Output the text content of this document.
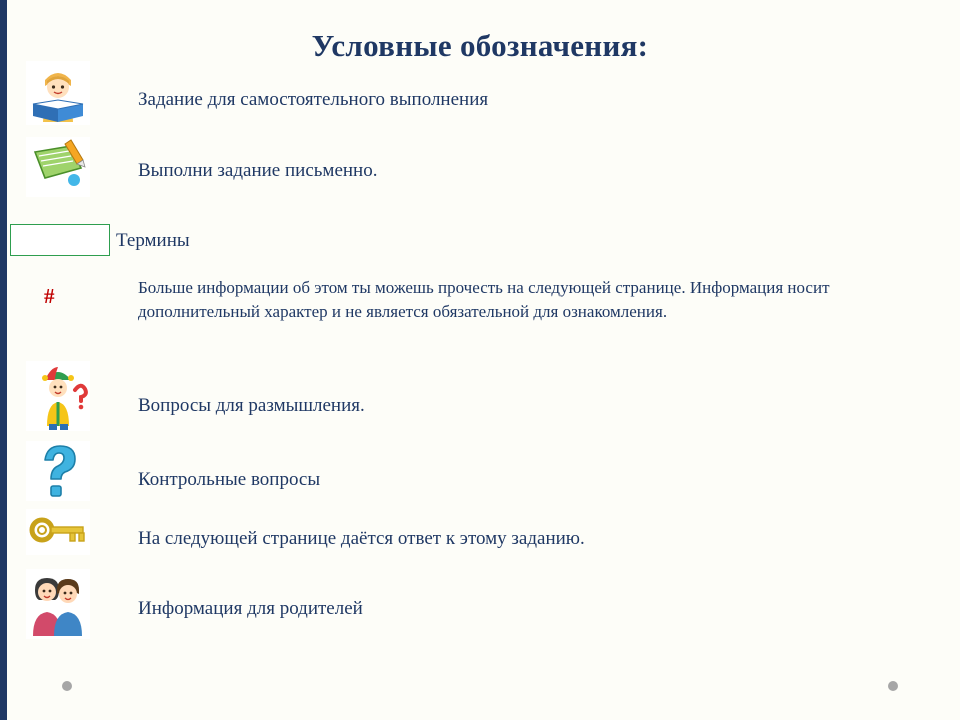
Условные обозначения:
Задание для самостоятельного выполнения
Выполни задание письменно.
Термины
#	Больше информации об этом ты можешь прочесть на следующей странице. Информация носит дополнительный характер и не является обязательной для ознакомления.
Вопросы для размышления.
Контрольные вопросы
На следующей странице даётся ответ к этому заданию.
Информация для родителей
